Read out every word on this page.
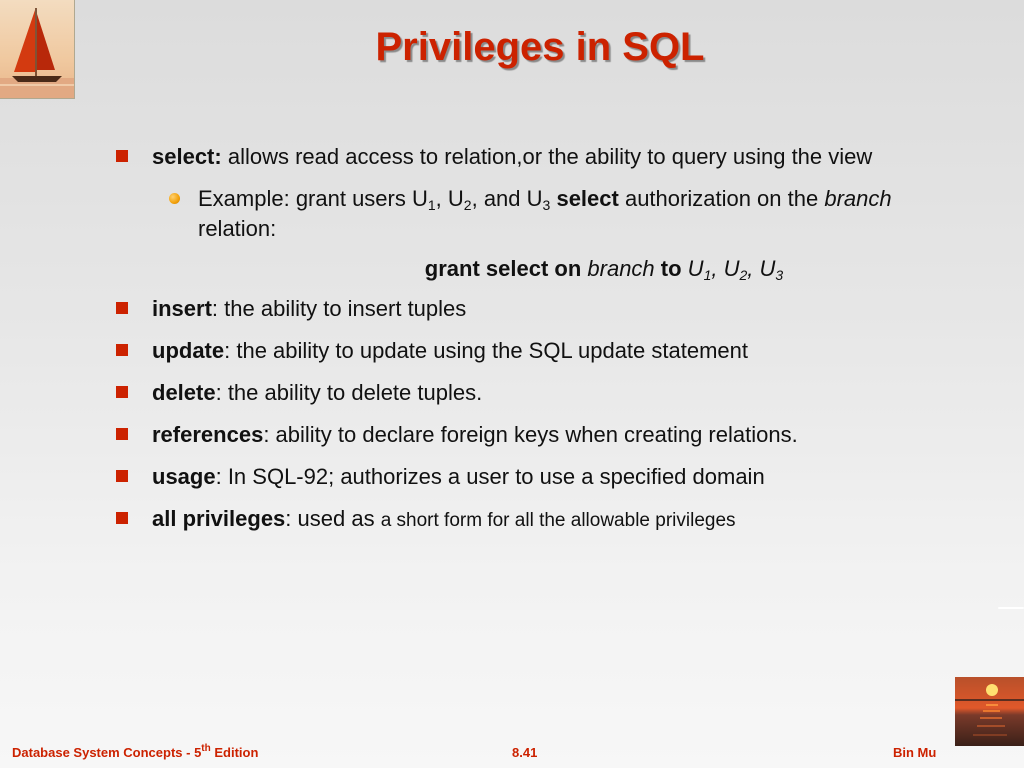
Privileges in SQL
select: allows read access to relation,or the ability to query using the view
Example: grant users $U_1$, $U_2$, and $U_3$ select authorization on the branch relation:
grant select on branch to $U_1$, $U_2$, $U_3$
insert: the ability to insert tuples
update: the ability to update using the SQL update statement
delete: the ability to delete tuples.
references: ability to declare foreign keys when creating relations.
usage: In SQL-92; authorizes a user to use a specified domain
all privileges: used as a short form for all the allowable privileges
Database System Concepts - 5th Edition	8.41	Bin Mu
